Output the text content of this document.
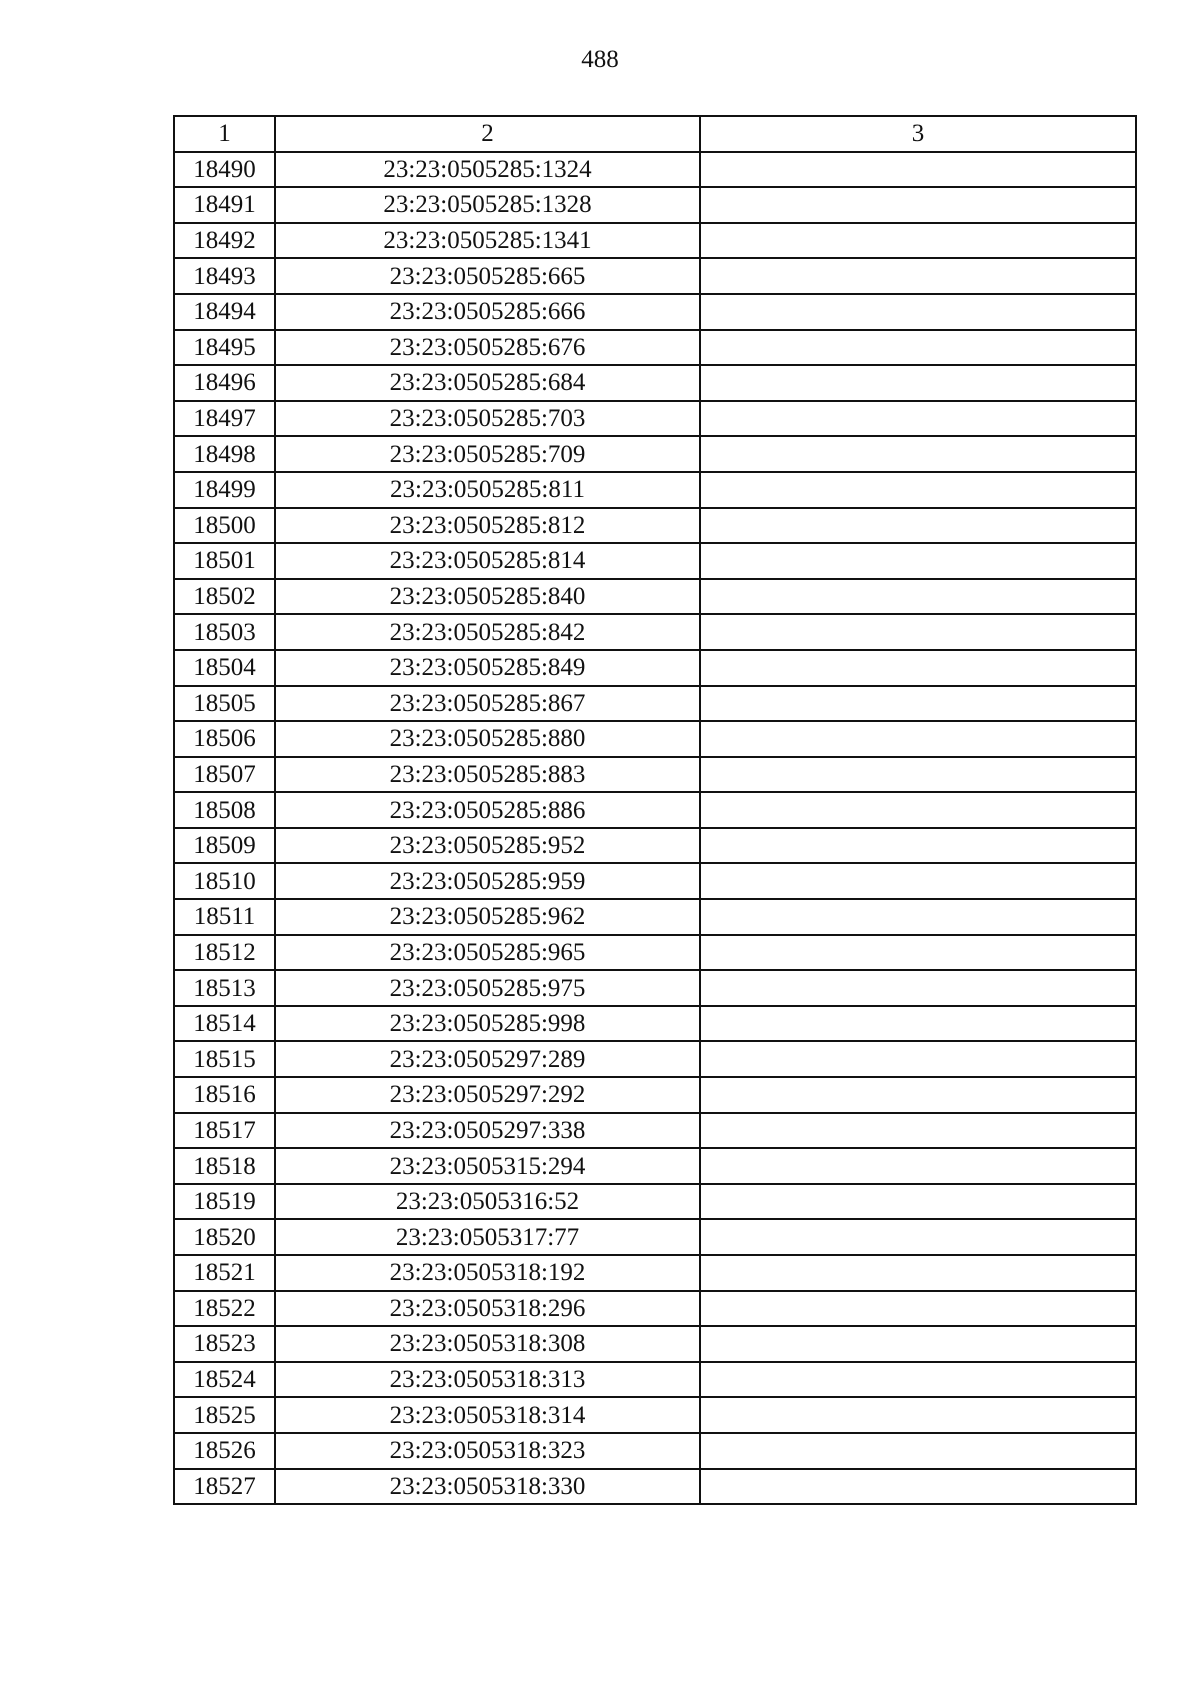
488
1	2	3
18490	23:23:0505285:1324	
18491	23:23:0505285:1328	
18492	23:23:0505285:1341	
18493	23:23:0505285:665	
18494	23:23:0505285:666	
18495	23:23:0505285:676	
18496	23:23:0505285:684	
18497	23:23:0505285:703	
18498	23:23:0505285:709	
18499	23:23:0505285:811	
18500	23:23:0505285:812	
18501	23:23:0505285:814	
18502	23:23:0505285:840	
18503	23:23:0505285:842	
18504	23:23:0505285:849	
18505	23:23:0505285:867	
18506	23:23:0505285:880	
18507	23:23:0505285:883	
18508	23:23:0505285:886	
18509	23:23:0505285:952	
18510	23:23:0505285:959	
18511	23:23:0505285:962	
18512	23:23:0505285:965	
18513	23:23:0505285:975	
18514	23:23:0505285:998	
18515	23:23:0505297:289	
18516	23:23:0505297:292	
18517	23:23:0505297:338	
18518	23:23:0505315:294	
18519	23:23:0505316:52	
18520	23:23:0505317:77	
18521	23:23:0505318:192	
18522	23:23:0505318:296	
18523	23:23:0505318:308	
18524	23:23:0505318:313	
18525	23:23:0505318:314	
18526	23:23:0505318:323	
18527	23:23:0505318:330	
